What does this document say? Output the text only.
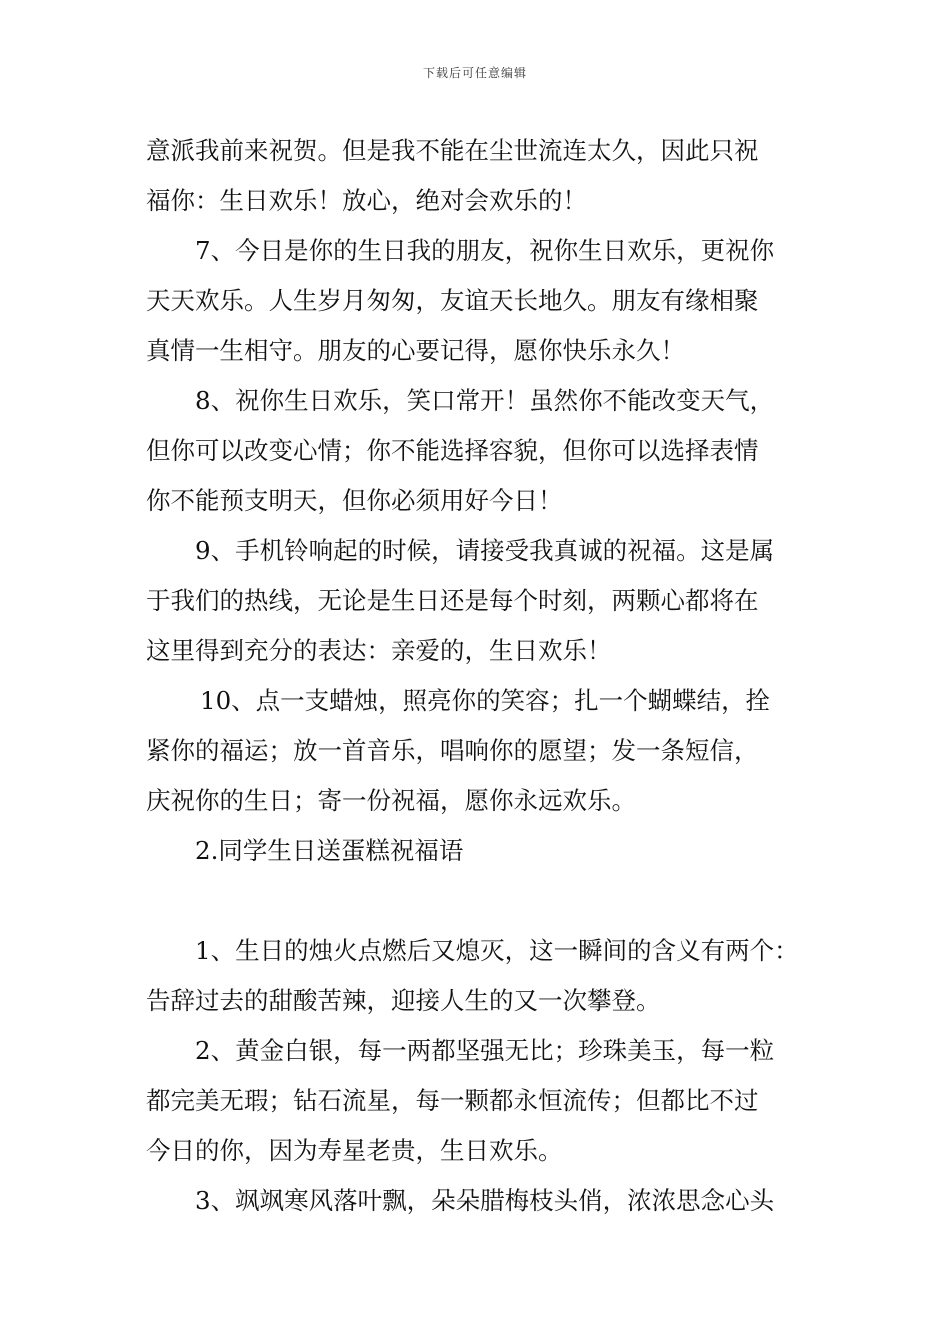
下载后可任意编辑
意派我前来祝贺。但是我不能在尘世流连太久，因此只祝
福你：生日欢乐！放心，绝对会欢乐的！
7、今日是你的生日我的朋友，祝你生日欢乐，更祝你
天天欢乐。人生岁月匆匆，友谊天长地久。朋友有缘相聚
真情一生相守。朋友的心要记得，愿你快乐永久！
8、祝你生日欢乐，笑口常开！虽然你不能改变天气，
但你可以改变心情；你不能选择容貌，但你可以选择表情
你不能预支明天，但你必须用好今日！
9、手机铃响起的时候，请接受我真诚的祝福。这是属
于我们的热线，无论是生日还是每个时刻，两颗心都将在
这里得到充分的表达：亲爱的，生日欢乐！
10、点一支蜡烛，照亮你的笑容；扎一个蝴蝶结，拴
紧你的福运；放一首音乐，唱响你的愿望；发一条短信，
庆祝你的生日；寄一份祝福，愿你永远欢乐。
2.同学生日送蛋糕祝福语
1、生日的烛火点燃后又熄灭，这一瞬间的含义有两个：
告辞过去的甜酸苦辣，迎接人生的又一次攀登。
2、黄金白银，每一两都坚强无比；珍珠美玉，每一粒
都完美无瑕；钻石流星，每一颗都永恒流传；但都比不过
今日的你，因为寿星老贵，生日欢乐。
3、飒飒寒风落叶飘，朵朵腊梅枝头俏，浓浓思念心头
